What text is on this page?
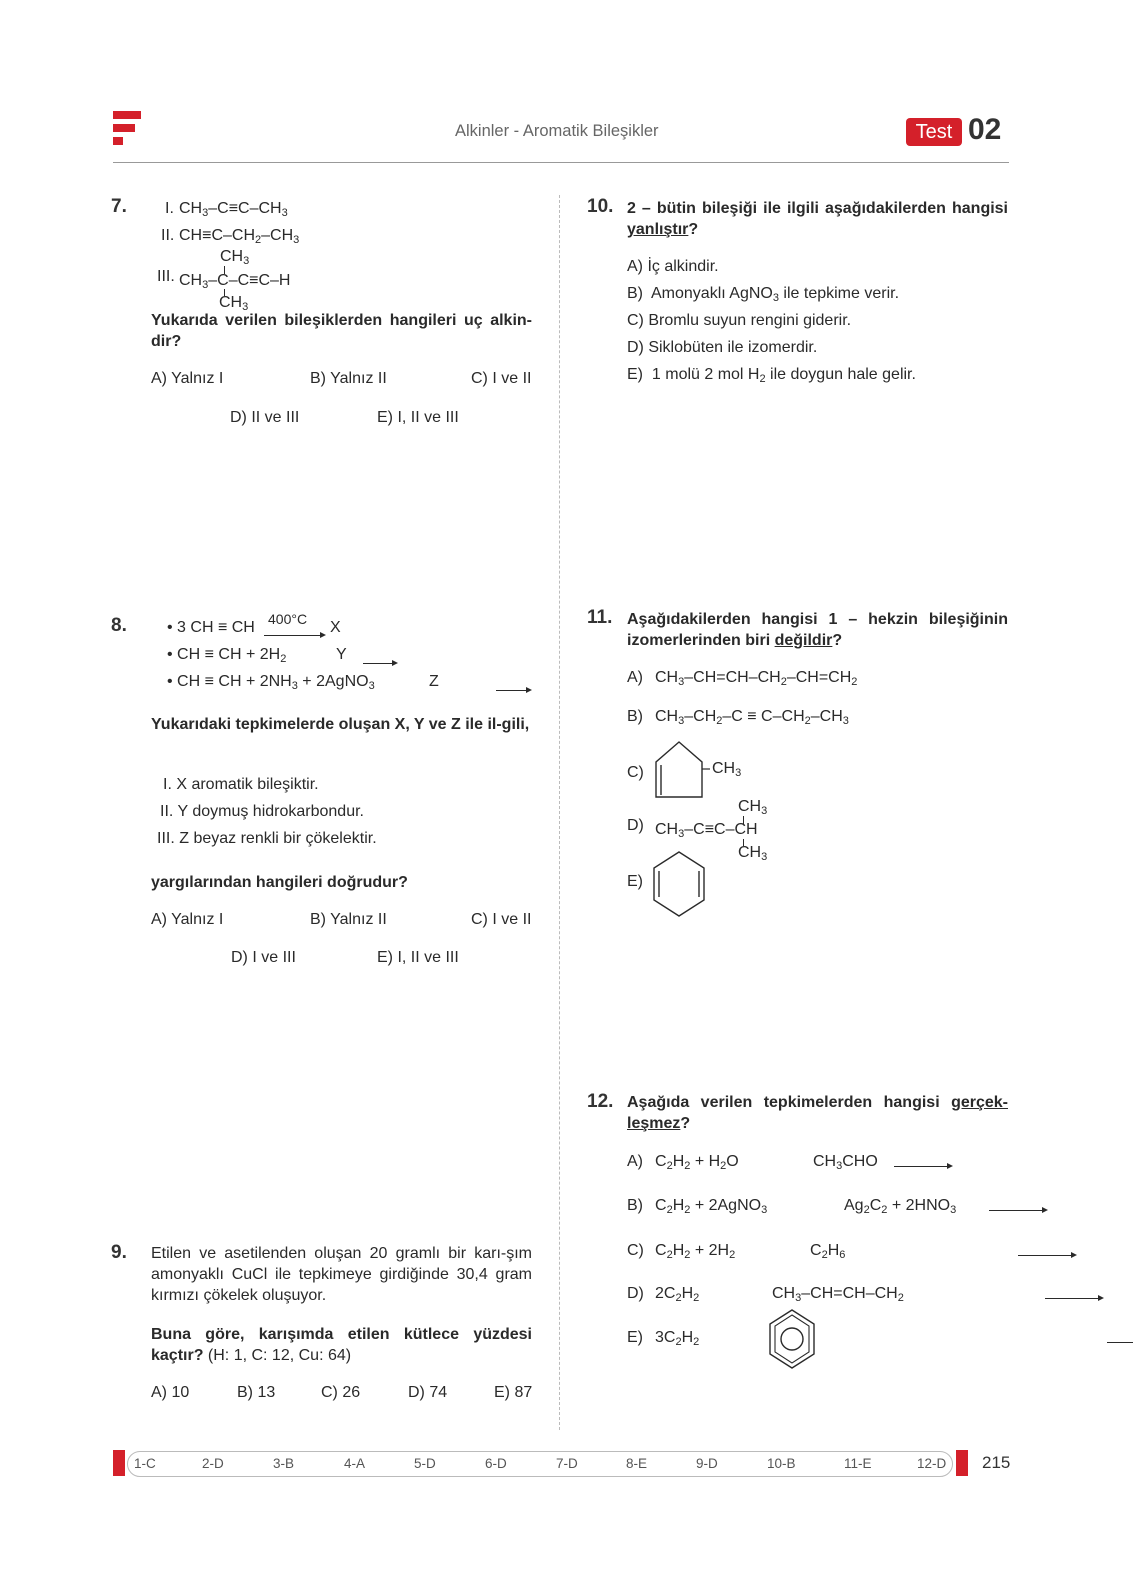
Alkinler - Aromatik Bileşikler	Test 02
7. I. $CH_3-C\equiv C-CH_3$
II. $CH\equiv C-CH_2-CH_3$
$CH_3$
III. $CH_3-C-C\equiv C-H$
$CH_3$
Yukarıda verilen bileşiklerden hangileri uç alkin-dir?
A) Yalnız I	B) Yalnız II	C) I ve II
D) II ve III	E) I, II ve III
8.	• 3 CH ≡ CH 400°C
X
• CH ≡ CH + $2H_2$
	Y
• CH ≡ CH + $2NH_3$ + 2AgNO$_3$
	Z
Yukarıdaki tepkimelerde oluşan X, Y ve Z ile il-gili,
I. X aromatik bileşiktir.
II. Y doymuş hidrokarbondur.
III. Z beyaz renkli bir çökelektir.
yargılarından hangileri doğrudur?
A) Yalnız I	B) Yalnız II	C) I ve II
D) I ve III	E) I, II ve III
9. Etilen ve asetilenden oluşan 20 gramlı bir karı-şım amonyaklı CuCl ile tepkimeye girdiğinde 30,4 gram kırmızı çökelek oluşuyor.
Buna göre, karışımda etilen kütlece yüzdesi kaçtır? (H: 1, C: 12, Cu: 64)
A) 10	B) 13	C) 26	D) 74	E) 87
10. 2 – bütin bileşiği ile ilgili aşağıdakilerden hangisi yanlıştır?
A) İç alkindir.
B)  Amonyaklı AgNO$_3$ ile tepkime verir.
C) Bromlu suyun rengini giderir.
D) Siklobüten ile izomerdir.
E)  1 molü 2 mol $H_2$ ile doygun hale gelir.
11. Aşağıdakilerden hangisi 1 – hekzin bileşiğinin izomerlerinden biri değildir?
A) $CH_3-CH=CH-CH_2-CH=CH_2$
B) $CH_3-CH_2-C \equiv C-CH_2-CH_3$
C)	$CH_3$
D)
$CH_3$
$CH_3-C\equiv C-CH$
$CH_3$
E)
12. Aşağıda verilen tepkimelerden hangisi gerçek-leşmez?
A) $C_2H_2 + H_2O$
	$CH_3CHO$
B) $C_2H_2$ + 2AgNO$_3$
	$Ag_2C_2 + 2HNO_3$
C) $C_2H_2 + 2H_2$
	$C_2H_6$
D) $2C_2H_2$
	$CH_3-CH=CH-CH_2$
E) $3C_2H_2$
1-C	2-D	3-B	4-A	5-D	6-D	7-D	8-E	9-D	10-B	11-E	12-D 215
